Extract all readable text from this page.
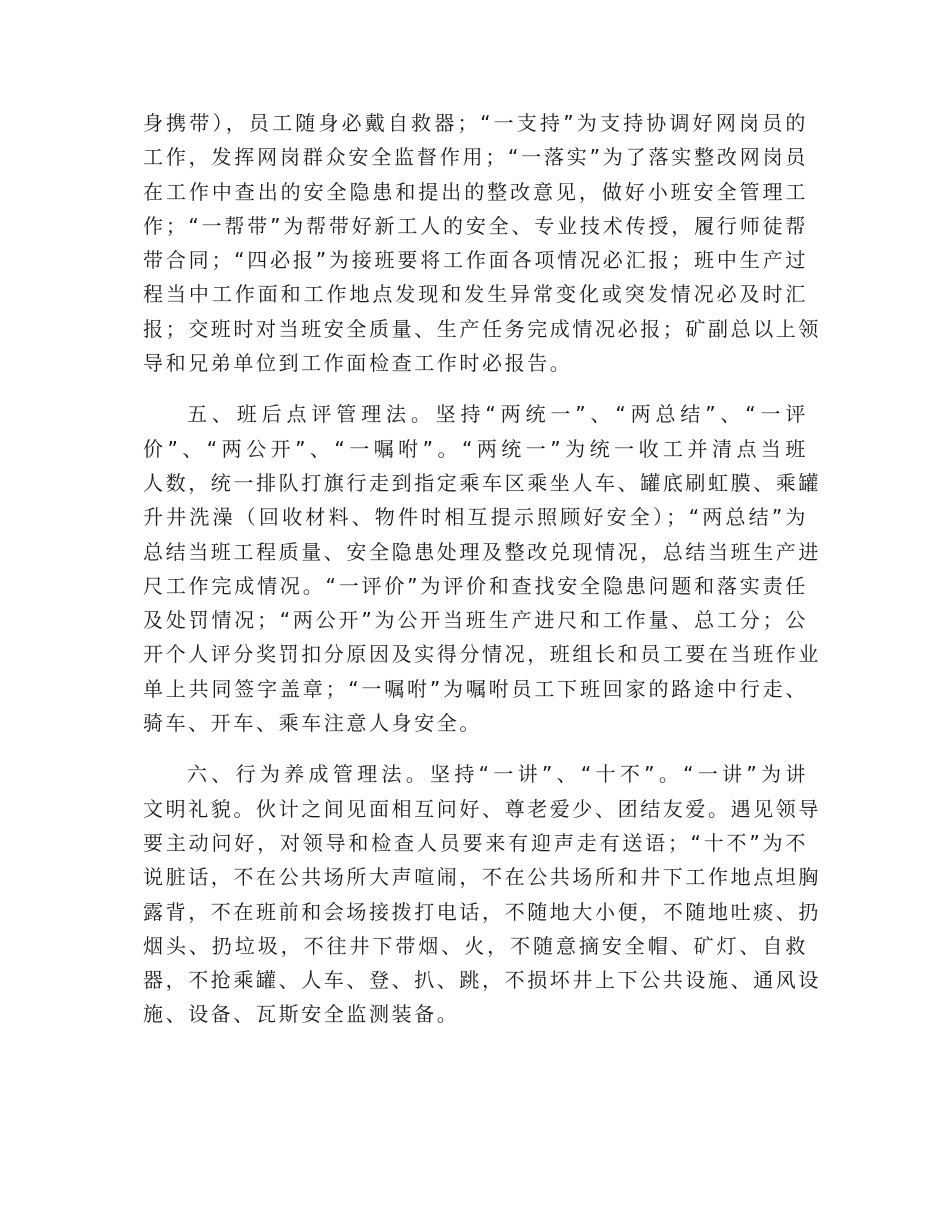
身携带），员工随身必戴自救器；“一支持”为支持协调好网岗员的
工作，发挥网岗群众安全监督作用；“一落实”为了落实整改网岗员
在工作中查出的安全隐患和提出的整改意见，做好小班安全管理工
作；“一帮带”为帮带好新工人的安全、专业技术传授，履行师徒帮
带合同；“四必报”为接班要将工作面各项情况必汇报；班中生产过
程当中工作面和工作地点发现和发生异常变化或突发情况必及时汇
报；交班时对当班安全质量、生产任务完成情况必报；矿副总以上领
导和兄弟单位到工作面检查工作时必报告。

五、班后点评管理法。坚持“两统一”、“两总结”、“一评
价”、“两公开”、“一嘱咐”。“两统一”为统一收工并清点当班
人数，统一排队打旗行走到指定乘车区乘坐人车、罐底刷虹膜、乘罐
升井洗澡（回收材料、物件时相互提示照顾好安全）；“两总结”为
总结当班工程质量、安全隐患处理及整改兑现情况，总结当班生产进
尺工作完成情况。“一评价”为评价和查找安全隐患问题和落实责任
及处罚情况；“两公开”为公开当班生产进尺和工作量、总工分；公
开个人评分奖罚扣分原因及实得分情况，班组长和员工要在当班作业
单上共同签字盖章；“一嘱咐”为嘱咐员工下班回家的路途中行走、
骑车、开车、乘车注意人身安全。

六、行为养成管理法。坚持“一讲”、“十不”。“一讲”为讲
文明礼貌。伙计之间见面相互问好、尊老爱少、团结友爱。遇见领导
要主动问好，对领导和检查人员要来有迎声走有送语；“十不”为不
说脏话，不在公共场所大声喧闹，不在公共场所和井下工作地点坦胸
露背，不在班前和会场接拨打电话，不随地大小便，不随地吐痰、扔
烟头、扔垃圾，不往井下带烟、火，不随意摘安全帽、矿灯、自救
器，不抢乘罐、人车、登、扒、跳，不损坏井上下公共设施、通风设
施、设备、瓦斯安全监测装备。
